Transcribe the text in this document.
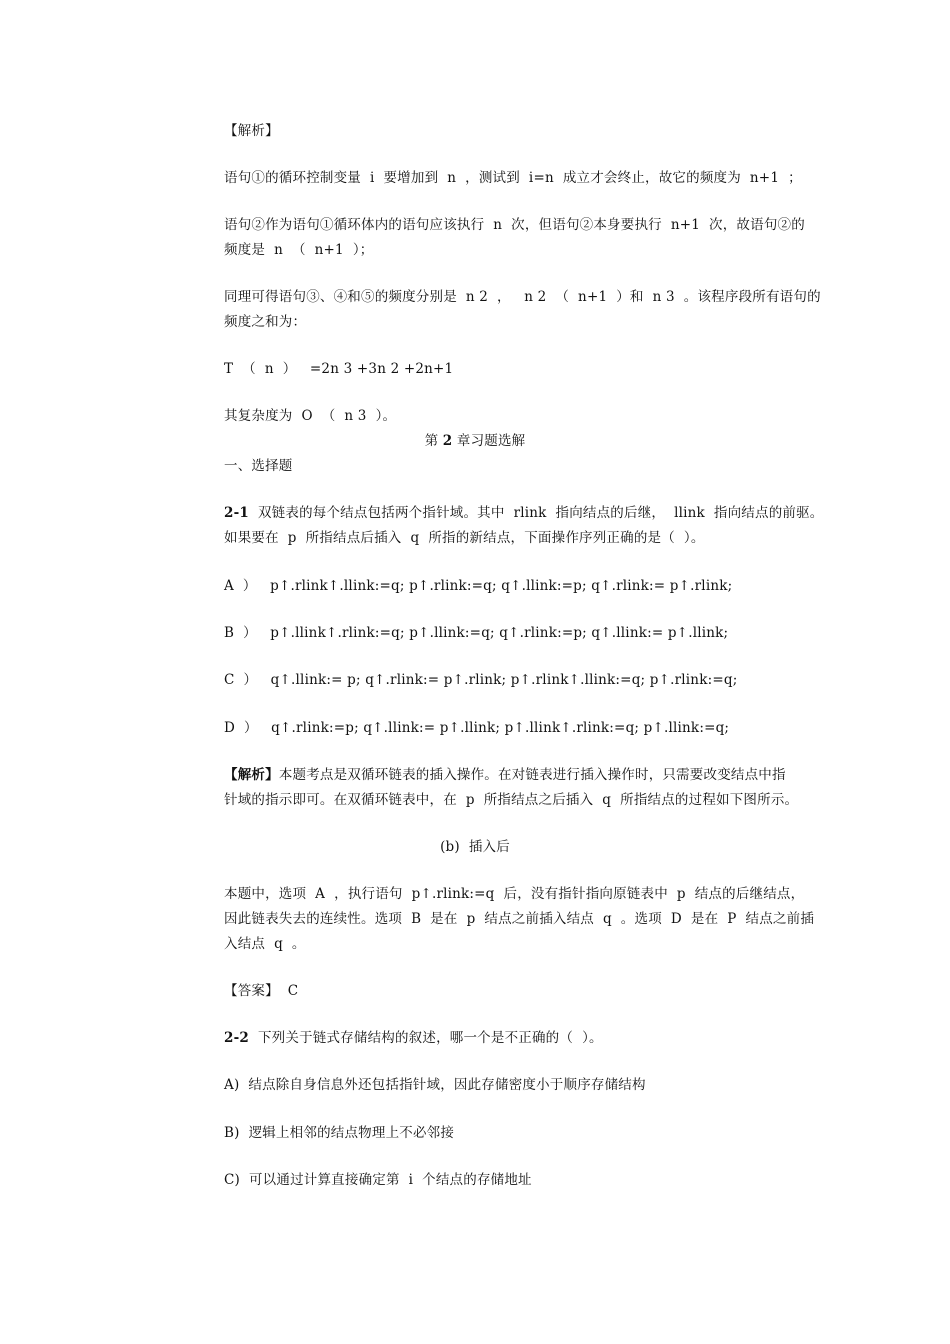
【解析】
语句①的循环控制变量  i  要增加到  n  ，测试到  i=n  成立才会终止，故它的频度为  n+1  ；
语句②作为语句①循环体内的语句应该执行  n  次，但语句②本身要执行  n+1  次，故语句②的
频度是  n  （  n+1  ）；
同理可得语句③、④和⑤的频度分别是  n 2  ，   n 2  （  n+1  ）和  n 3  。该程序段所有语句的
频度之和为：
T  （  n  ）   =2n 3 +3n 2 +2n+1
其复杂度为  O  （  n 3  ）。
第 2 章习题选解
一、选择题
2-1  双链表的每个结点包括两个指针域。其中  rlink  指向结点的后继，  llink  指向结点的前驱。
如果要在  p  所指结点后插入  q  所指的新结点，下面操作序列正确的是（  ）。
A  ）   p↑.rlink↑.llink:=q; p↑.rlink:=q; q↑.llink:=p; q↑.rlink:= p↑.rlink;
B  ）   p↑.llink↑.rlink:=q; p↑.llink:=q; q↑.rlink:=p; q↑.llink:= p↑.llink;
C  ）   q↑.llink:= p; q↑.rlink:= p↑.rlink; p↑.rlink↑.llink:=q; p↑.rlink:=q;
D  ）   q↑.rlink:=p; q↑.llink:= p↑.llink; p↑.llink↑.rlink:=q; p↑.llink:=q;
【解析】本题考点是双循环链表的插入操作。在对链表进行插入操作时，只需要改变结点中指
针域的指示即可。在双循环链表中，在  p  所指结点之后插入  q  所指结点的过程如下图所示。
(b)  插入后
本题中，选项  A  ，执行语句  p↑.rlink:=q  后，没有指针指向原链表中  p  结点的后继结点，
因此链表失去的连续性。选项  B  是在  p  结点之前插入结点  q  。选项  D  是在  P  结点之前插
入结点  q  。
【答案】  C
2-2  下列关于链式存储结构的叙述，哪一个是不正确的（  ）。
A)  结点除自身信息外还包括指针域，因此存储密度小于顺序存储结构
B)  逻辑上相邻的结点物理上不必邻接
C)  可以通过计算直接确定第  i  个结点的存储地址
